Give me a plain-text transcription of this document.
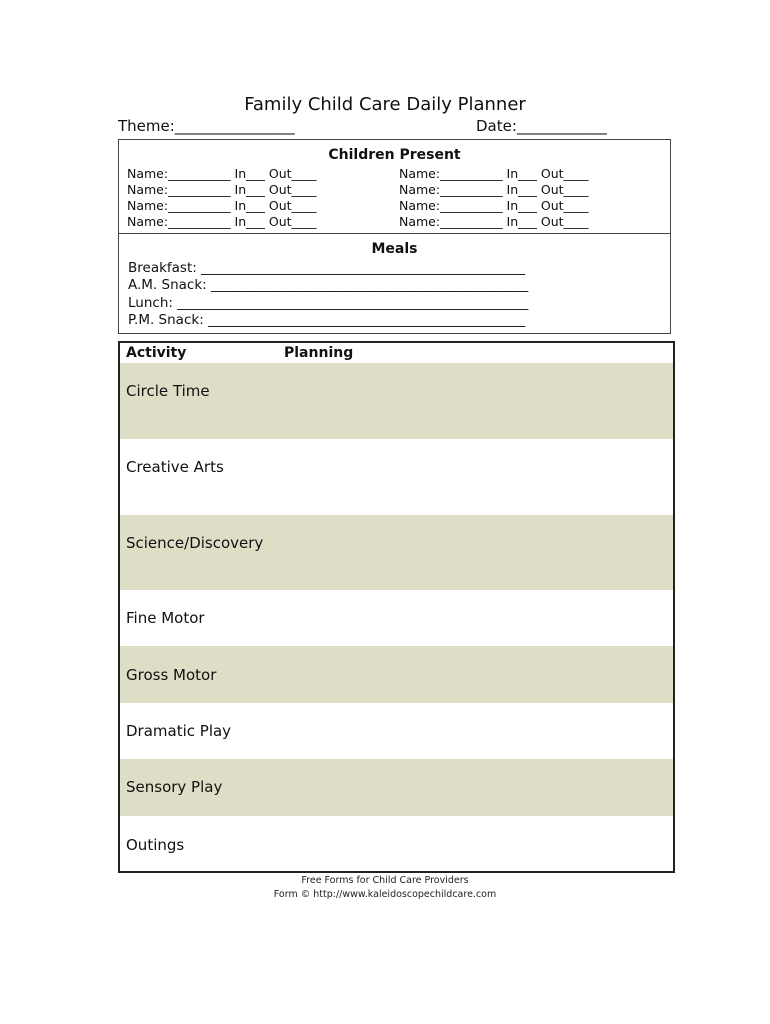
Family Child Care Daily Planner
Theme:________________	Date:____________
Children Present
Name:__________ In___ Out____
Name:__________ In___ Out____
Name:__________ In___ Out____
Name:__________ In___ Out____
Name:__________ In___ Out____
Name:__________ In___ Out____
Name:__________ In___ Out____
Name:__________ In___ Out____
Meals
Breakfast: ________________________________________________
A.M. Snack: _______________________________________________
Lunch: ____________________________________________________
P.M. Snack: _______________________________________________
Activity	Planning
Circle Time
Creative Arts
Science/Discovery
Fine Motor
Gross Motor
Dramatic Play
Sensory Play
Outings
Free Forms for Child Care Providers
Form © http://www.kaleidoscopechildcare.com
